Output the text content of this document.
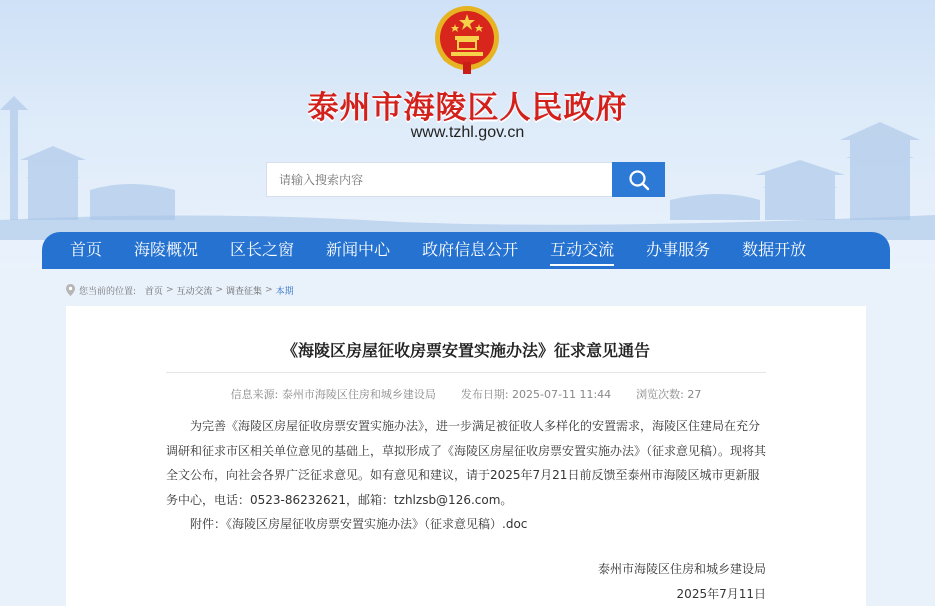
泰州市海陵区人民政府
www.tzhl.gov.cn
请输入搜索内容
首页	海陵概况	区长之窗	新闻中心	政府信息公开	互动交流	办事服务	数据开放
您当前的位置:
首页 > 互动交流 > 调查征集 > 本期
《海陵区房屋征收房票安置实施办法》征求意见通告
信息来源: 泰州市海陵区住房和城乡建设局 发布日期: 2025-07-11 11:44 浏览次数: 27

为完善《海陵区房屋征收房票安置实施办法》，进一步满足被征收人多样化的安置需求，海陵区住建局在充分调研和征求市区相关单位意见的基础上，草拟形成了《海陵区房屋征收房票安置实施办法》（征求意见稿）。现将其全文公布，向社会各界广泛征求意见。如有意见和建议，请于2025年7月21日前反馈至泰州市海陵区城市更新服务中心，电话：0523-86232621，邮箱：tzhlzsb@126.com。

附件：《海陵区房屋征收房票安置实施办法》（征求意见稿）.doc
泰州市海陵区住房和城乡建设局
2025年7月11日
